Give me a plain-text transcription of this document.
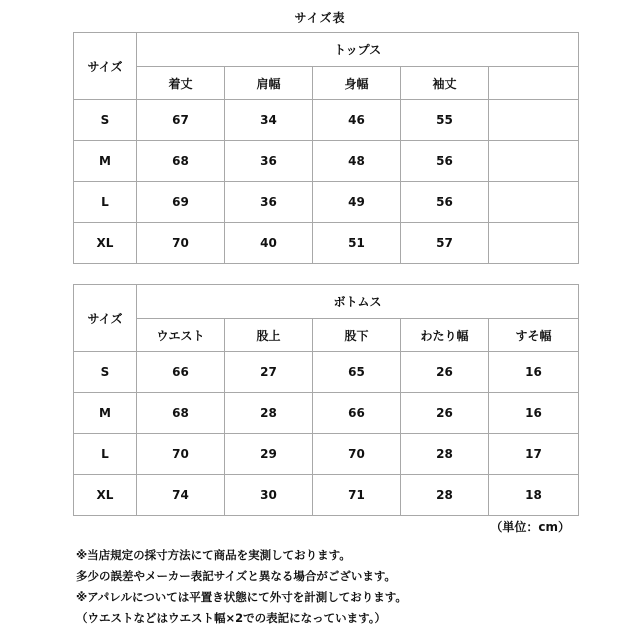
サイズ表
サイズ	トップス				
	着丈	肩幅	身幅	袖丈	
S	67	34	46	55	
M	68	36	48	56	
L	69	36	49	56	
XL	70	40	51	57	
サイズ	ボトムス				
	ウエスト	股上	股下	わたり幅	すそ幅
S	66	27	65	26	16
M	68	28	66	26	16
L	70	29	70	28	17
XL	74	30	71	28	18
（単位：cm）
※当店規定の採寸方法にて商品を実測しております。
多少の誤差やメーカー表記サイズと異なる場合がございます。
※アパレルについては平置き状態にて外寸を計測しております。
（ウエストなどはウエスト幅×2での表記になっています。）
